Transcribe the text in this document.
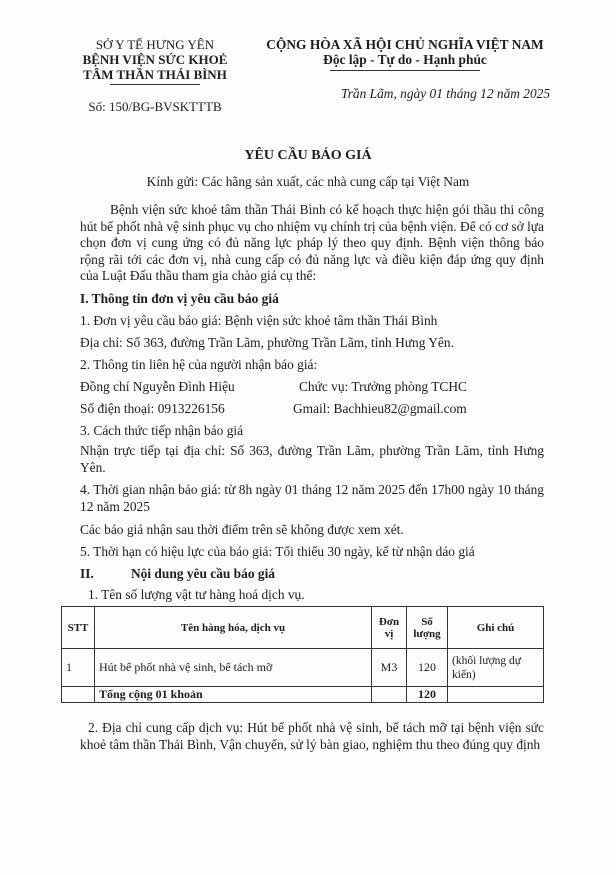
SỞ Y TẾ HƯNG YÊN
BỆNH VIỆN SỨC KHOẺ
TÂM THẦN THÁI BÌNH
Số: 150/BG-BVSKTTTB
CỘNG HÒA XÃ HỘI CHỦ NGHĨA VIỆT NAM
Độc lập - Tự do - Hạnh phúc
Trần Lãm, ngày 01 tháng 12 năm 2025
YÊU CẦU BÁO GIÁ
Kính gửi: Các hãng sản xuất, các nhà cung cấp tại Việt Nam

Bệnh viện sức khoẻ tâm thần Thái Bình có kế hoạch thực hiện gói thầu thi công hút bể phốt nhà vệ sinh phục vụ cho nhiệm vụ chính trị của bệnh viện. Để có cơ sở lựa chọn đơn vị cung ứng có đủ năng lực pháp lý theo quy định. Bệnh viện thông báo rộng rãi tới các đơn vị, nhà cung cấp có đủ năng lực và điều kiện đáp ứng quy định của Luật Đấu thầu tham gia chào giá cụ thể:

I. Thông tin đơn vị yêu cầu báo giá
1. Đơn vị yêu cầu báo giá: Bệnh viện sức khoẻ tâm thần Thái Bình
Địa chỉ: Số 363, đường Trần Lãm, phường Trần Lãm, tỉnh Hưng Yên.
2. Thông tin liên hệ của người nhận báo giá:
Đồng chí Nguyễn Đình Hiệu	Chức vụ: Trưởng phòng TCHC
Số điện thoại: 0913226156	Gmail: Bachhieu82@gmail.com
3. Cách thức tiếp nhận báo giá

Nhận trực tiếp tại địa chỉ: Số 363, đường Trần Lãm, phường Trần Lãm, tỉnh Hưng Yên.

4. Thời gian nhận báo giá: từ 8h ngày 01 tháng 12 năm 2025 đến 17h00 ngày 10 tháng 12 năm 2025

Các báo giá nhận sau thời điểm trên sẽ không được xem xét.
5. Thời hạn có hiệu lực của báo giá: Tối thiểu 30 ngày, kể từ nhận dáo giá
II.	Nội dung yêu cầu báo giá
1. Tên số lượng vật tư hàng hoá dịch vụ.
STT	Tên hàng hóa, dịch vụ	Đơn vị	Số lượng	Ghi chú
1	Hút bể phốt nhà vệ sinh, bể tách mỡ	M3	120	(khối lượng dự kiến)
	Tổng cộng 01 khoản		120	

2. Địa chỉ cung cấp dịch vụ: Hút bể phốt nhà vệ sinh, bể tách mỡ tại bệnh viện sức khoẻ tâm thần Thái Bình, Vận chuyển, sử lý bàn giao, nghiệm thu theo đúng quy định
